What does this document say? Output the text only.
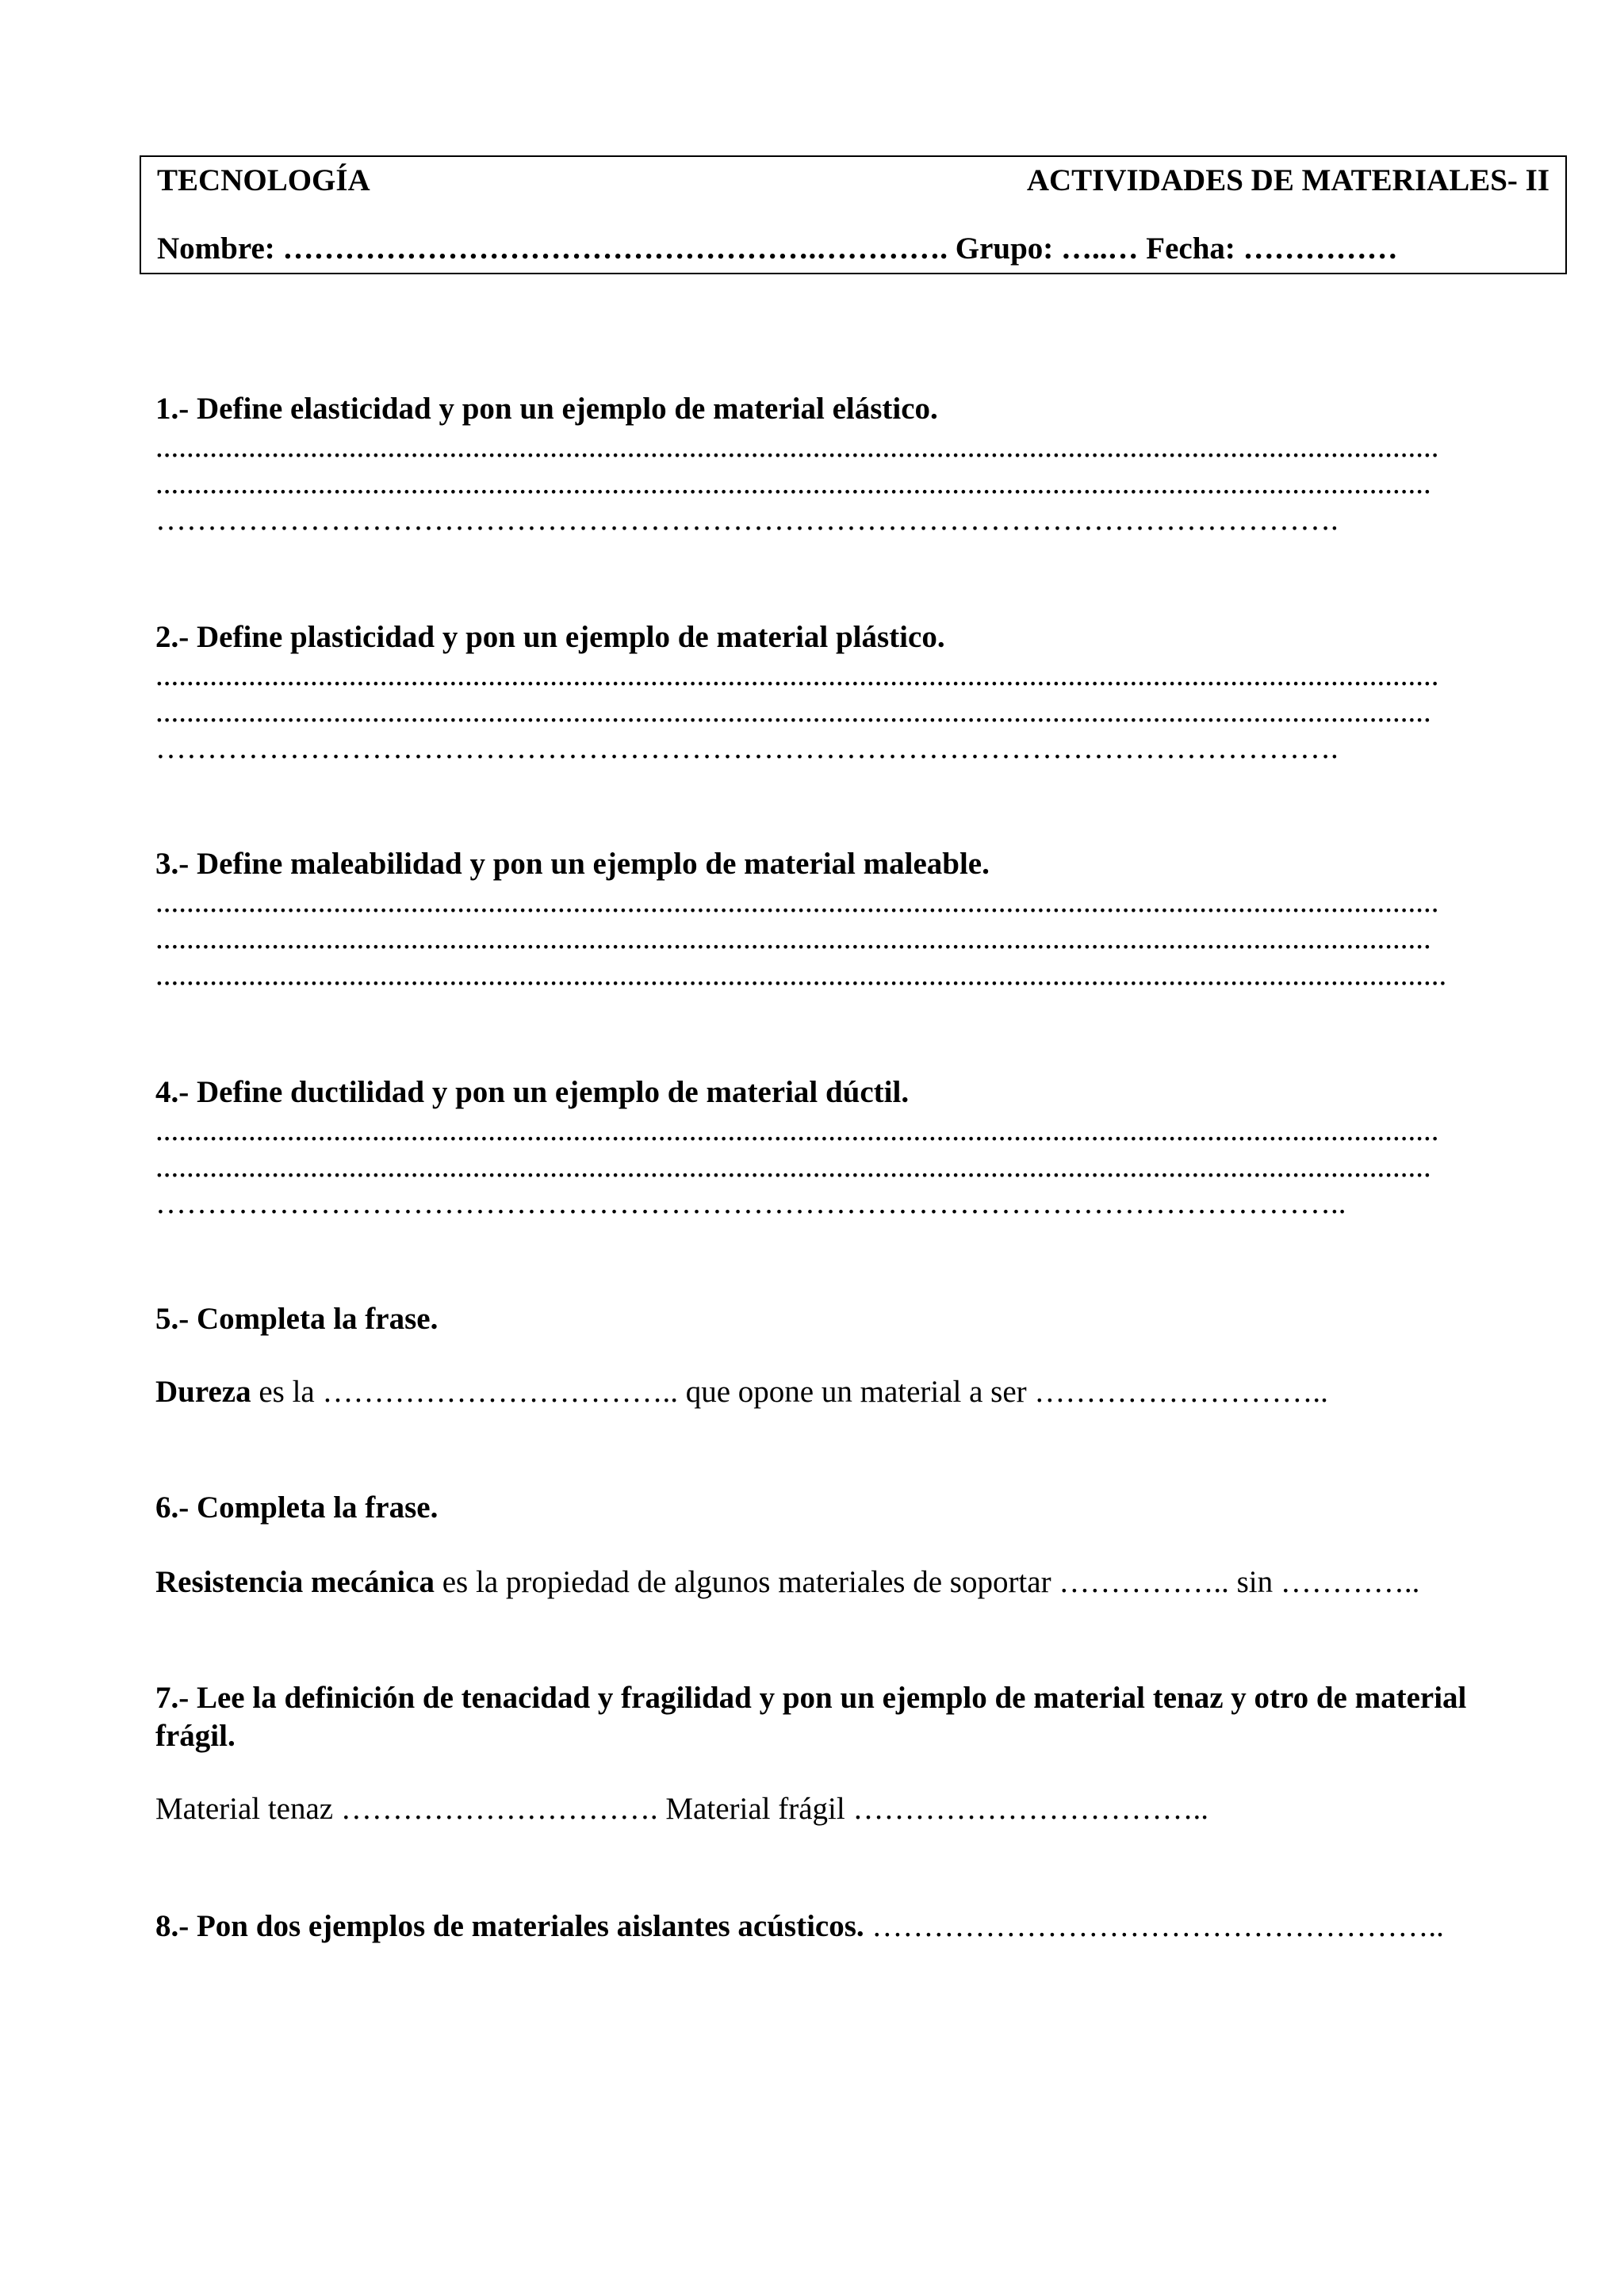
TECNOLOGÍA	ACTIVIDADES DE MATERIALES- II
Nombre: …………………………………………….…………. Grupo: …..… Fecha: ……………
1.- Define elasticidad y pon un ejemplo de material elástico.
......................................................................................................................................................................
.....................................................................................................................................................................
…………………………………………………………………………………………………….
2.- Define plasticidad y pon un ejemplo de material plástico.
......................................................................................................................................................................
.....................................................................................................................................................................
…………………………………………………………………………………………………….
3.- Define maleabilidad y pon un ejemplo de material maleable.
......................................................................................................................................................................
.....................................................................................................................................................................
.......................................................................................................................................................................
4.- Define ductilidad y pon un ejemplo de material dúctil.
......................................................................................................................................................................
.....................................................................................................................................................................
……………………………………………………………………………………………………..
5.- Completa la frase.
Dureza es la …………………………….. que opone un material a ser ………………………..
6.- Completa la frase.
Resistencia mecánica es la propiedad de algunos materiales de soportar …………….. sin …………..
7.- Lee la definición de tenacidad y fragilidad y pon un ejemplo de material tenaz y otro de material frágil.
Material tenaz …………………………. Material frágil ……………………………..
8.- Pon dos ejemplos de materiales aislantes acústicos. ………………………………………………..
